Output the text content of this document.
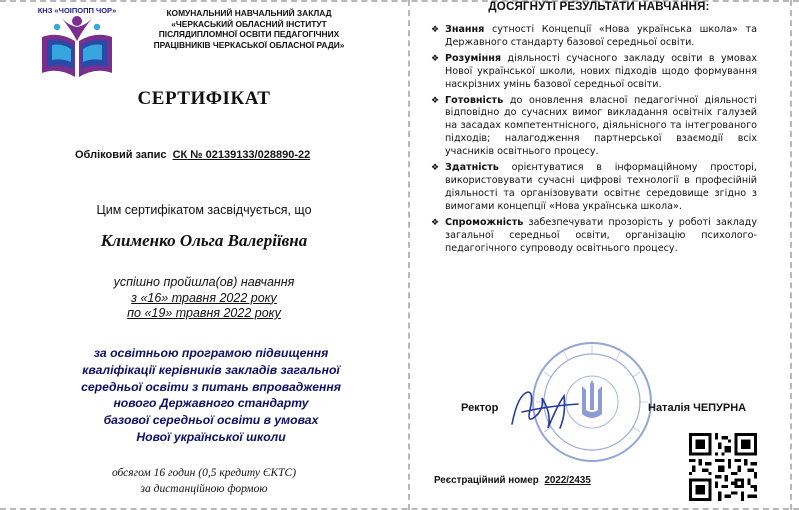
КНЗ «ЧОІПОПП ЧОР»	КОМУНАЛЬНИЙ НАВЧАЛЬНИЙ ЗАКЛАД
«ЧЕРКАСЬКИЙ ОБЛАСНИЙ ІНСТИТУТ
ПІСЛЯДИПЛОМНОЇ ОСВІТИ ПЕДАГОГІЧНИХ
ПРАЦІВНИКІВ ЧЕРКАСЬКОЇ ОБЛАСНОЇ РАДИ»
СЕРТИФІКАТ
Обліковий запис СК № 02139133/028890-22
Цим сертифікатом засвідчується, що
Клименко Ольга Валеріївна
успішно пройшла(ов) навчання
з «16» травня 2022 року
по «19» травня 2022 року
за освітньою програмою підвищення
кваліфікації керівників закладів загальної
середньої освіти з питань впровадження
нового Державного стандарту
базової середньої освіти в умовах
Нової української школи
обсягом 16 годин (0,5 кредиту ЄКТС)
за дистанційною формою
ДОСЯГНУТІ РЕЗУЛЬТАТИ НАВЧАННЯ:
❖ Знання сутності Концепції «Нова українська школа» та Державного стандарту базової середньої освіти.
❖ Розуміння діяльності сучасного закладу освіти в умовах Нової української школи, нових підходів щодо формування наскрізних умінь базової середньої освіти.
❖ Готовність до оновлення власної педагогічної діяльності відповідно до сучасних вимог викладання освітніх галузей на засадах компетентнісного, діяльнісного та інтегрованого підходів; налагодження партнерської взаємодії всіх учасників освітнього процесу.
❖ Здатність орієнтуватися в інформаційному просторі, використовувати сучасні цифрові технології в професійній діяльності та організовувати освітнє середовище згідно з вимогами концепції «Нова українська школа».
❖ Спроможність забезпечувати прозорість у роботі закладу загальної середньої освіти, організацію психолого-педагогічного супроводу освітнього процесу.
Ректор	Наталія ЧЕПУРНА
Реєстраційний номер 2022/2435
